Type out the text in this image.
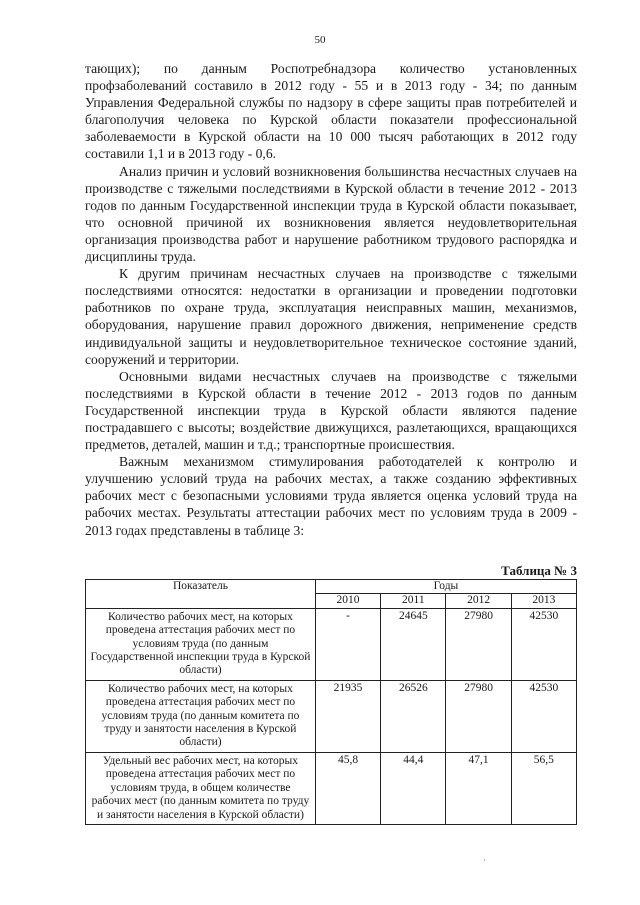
50

тающих); по данным Роспотребнадзора количество установленных профзаболеваний составило в 2012 году - 55 и в 2013 году - 34; по данным Управления Федеральной службы по надзору в сфере защиты прав потребителей и благополучия человека по Курской области показатели профессиональной заболеваемости в Курской области на 10 000 тысяч работающих в 2012 году составили 1,1 и в 2013 году - 0,6.

Анализ причин и условий возникновения большинства несчастных случаев на производстве с тяжелыми последствиями в Курской области в течение 2012 - 2013 годов по данным Государственной инспекции труда в Курской области показывает, что основной причиной их возникновения является неудовлетворительная организация производства работ и нарушение работником трудового распорядка и дисциплины труда.

К другим причинам несчастных случаев на производстве с тяжелыми последствиями относятся: недостатки в организации и проведении подготовки работников по охране труда, эксплуатация неисправных машин, механизмов, оборудования, нарушение правил дорожного движения, неприменение средств индивидуальной защиты и неудовлетворительное техническое состояние зданий, сооружений и территории.

Основными видами несчастных случаев на производстве с тяжелыми последствиями в Курской области в течение 2012 - 2013 годов по данным Государственной инспекции труда в Курской области являются падение пострадавшего с высоты; воздействие движущихся, разлетающихся, вращающихся предметов, деталей, машин и т.д.; транспортные происшествия.

Важным механизмом стимулирования работодателей к контролю и улучшению условий труда на рабочих местах, а также созданию эффективных рабочих мест с безопасными условиями труда является оценка условий труда на рабочих местах. Результаты аттестации рабочих мест по условиям труда в 2009 - 2013 годах представлены в таблице 3:

Таблица № 3
Показатель	Годы			
	2010	2011	2012	2013
Количество рабочих мест, на которых проведена аттестация рабочих мест по условиям труда (по данным Государственной инспекции труда в Курской области)	-	24645	27980	42530
Количество рабочих мест, на которых проведена аттестация рабочих мест по условиям труда (по данным комитета по труду и занятости населения в Курской области)	21935	26526	27980	42530
Удельный вес рабочих мест, на которых проведена аттестация рабочих мест по условиям труда, в общем количестве рабочих мест (по данным комитета по труду и занятости населения в Курской области)	45,8	44,4	47,1	56,5
·
